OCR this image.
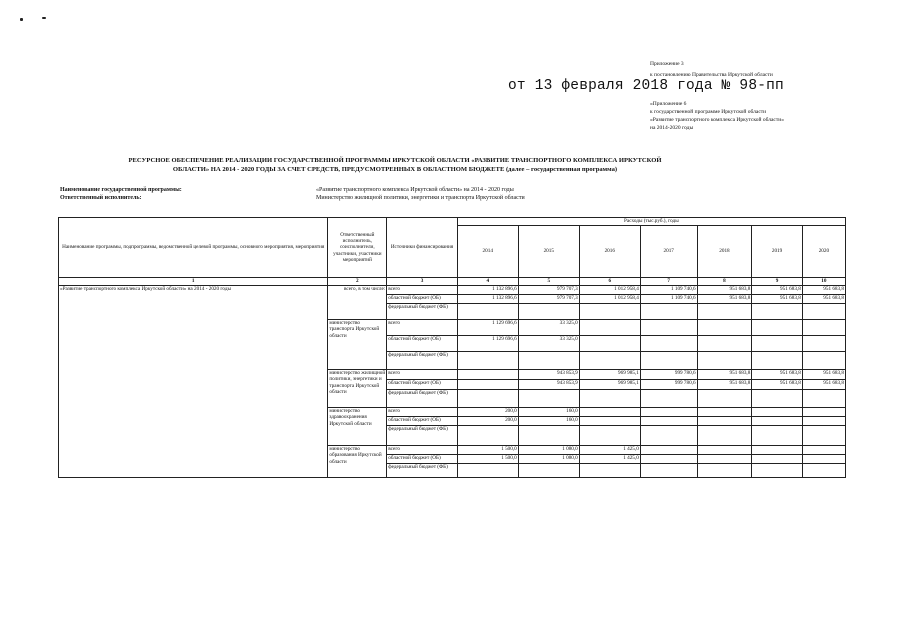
Приложение 3
к постановлению Правительства Иркутской области
«Приложение 6
к государственной программе Иркутской области
«Развитие транспортного комплекса Иркутской области»
на 2014-2020 годы
от 13 февраля 2018 года № 98-пп
РЕСУРСНОЕ ОБЕСПЕЧЕНИЕ РЕАЛИЗАЦИИ ГОСУДАРСТВЕННОЙ ПРОГРАММЫ ИРКУТСКОЙ ОБЛАСТИ «РАЗВИТИЕ ТРАНСПОРТНОГО КОМПЛЕКСА ИРКУТСКОЙ
ОБЛАСТИ» НА 2014 - 2020 ГОДЫ ЗА СЧЕТ СРЕДСТВ, ПРЕДУСМОТРЕННЫХ В ОБЛАСТНОМ БЮДЖЕТЕ (далее – государственная программа)
Наименование государственной программы:	«Развитие транспортного комплекса Иркутской области» на 2014 - 2020 годы
Ответственный исполнитель:	Министерство жилищной политики, энергетики и транспорта Иркутской области
Наименование программы, подпрограммы, ведомственной целевой программы, основного мероприятия, мероприятия	Ответственный исполнитель, соисполнители, участники, участники мероприятий	Источники финансирования	Расходы (тыс.руб.), годы						
			2014	2015	2016	2017	2018	2019	2020
1	2	3	4	5	6	7	8	9	10
«Развитие транспортного комплекса Иркутской области» на 2014 - 2020 годы	всего, в том числе:	всего	1 132 896,6	979 707,3	1 012 958,4	1 109 740,6	951 683,8	951 683,8	951 683,8
		областной бюджет (ОБ)	1 132 896,6	979 707,3	1 012 958,4	1 109 740,6	951 683,8	951 683,8	951 683,8
		федеральный бюджет (ФБ)							
	министерство транспорта Иркутской области	всего	1 129 696,6	33 325,0					
		областной бюджет (ОБ)	1 129 696,6	33 325,0					
		федеральный бюджет (ФБ)							
	министерство жилищной политики, энергетики и транспорта Иркутской области	всего		943 853,9	969 985,1	999 780,6	951 683,8	951 683,8	951 683,8
		областной бюджет (ОБ)		943 853,9	969 985,1	999 780,6	951 683,8	951 683,8	951 683,8
		федеральный бюджет (ФБ)							
	министерство здравоохранения Иркутской области	всего	200,0	160,0					
		областной бюджет (ОБ)	200,0	160,0					
		федеральный бюджет (ФБ)							
	министерство образования Иркутской области	всего	1 500,0	1 080,0	1 425,0				
		областной бюджет (ОБ)	1 500,0	1 080,0	1 425,0				
		федеральный бюджет (ФБ)							
